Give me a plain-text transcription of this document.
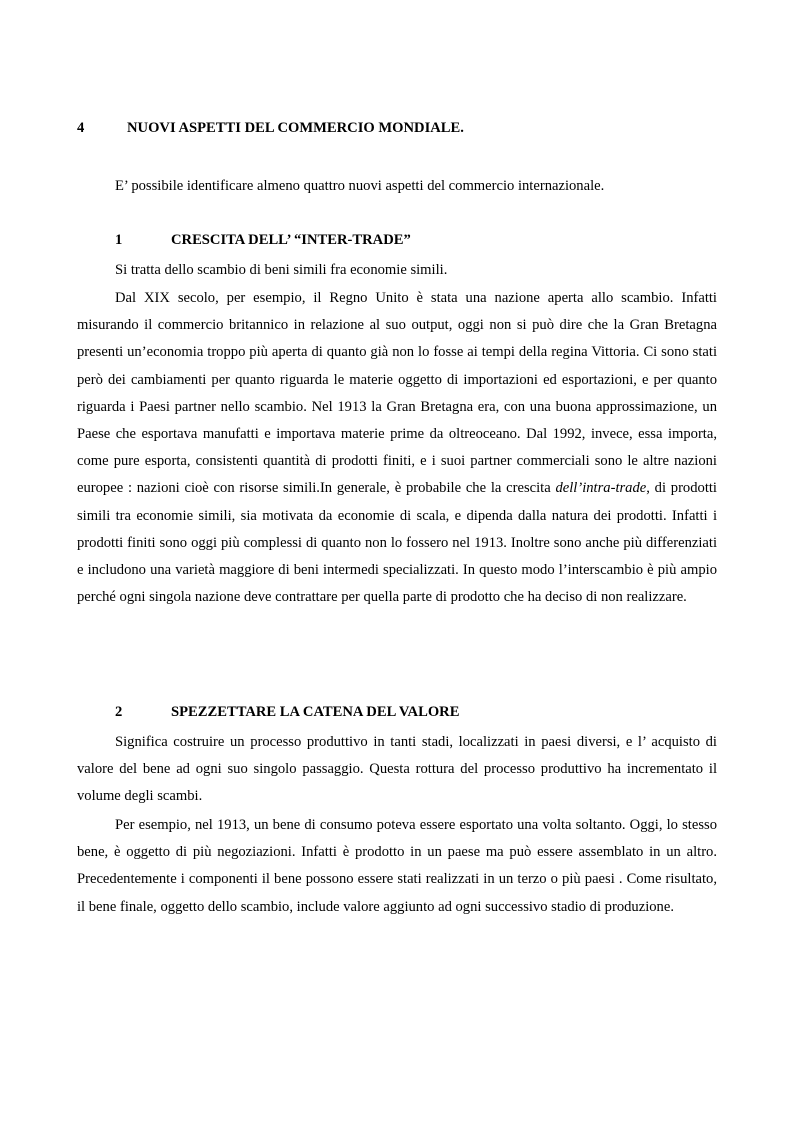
4	NUOVI ASPETTI DEL COMMERCIO MONDIALE.

E’ possibile identificare almeno quattro nuovi aspetti del commercio internazionale.

1	CRESCITA DELL’ “INTER-TRADE”

Si tratta dello scambio di beni simili fra economie simili.

Dal XIX secolo, per esempio, il Regno Unito è stata una nazione aperta allo scambio. Infatti misurando il commercio britannico in relazione al suo output, oggi non si può dire che la Gran Bretagna presenti un’economia troppo più aperta di quanto già non lo fosse ai tempi della regina Vittoria. Ci sono stati però dei cambiamenti per quanto riguarda le materie oggetto di importazioni ed esportazioni, e per quanto riguarda i Paesi partner nello scambio. Nel 1913 la Gran Bretagna era, con una buona approssimazione, un Paese che esportava manufatti e importava materie prime da oltreoceano. Dal 1992, invece, essa importa, come pure esporta, consistenti quantità di prodotti finiti, e i suoi partner commerciali sono le altre nazioni europee : nazioni cioè con risorse simili.In generale, è probabile che la crescita dell’intra-trade, di prodotti simili tra economie simili, sia motivata da economie di scala, e dipenda dalla natura dei prodotti. Infatti i prodotti finiti sono oggi più complessi di quanto non lo fossero nel 1913. Inoltre sono anche più differenziati e includono una varietà maggiore di beni intermedi specializzati. In questo modo l’interscambio è più ampio perché ogni singola nazione deve contrattare per quella parte di prodotto che ha deciso di non realizzare.

2	SPEZZETTARE LA CATENA DEL VALORE

Significa costruire un processo produttivo in tanti stadi, localizzati in paesi diversi, e l’ acquisto di valore del bene ad ogni suo singolo passaggio. Questa rottura del processo produttivo ha incrementato il volume degli scambi.

Per esempio, nel 1913, un bene di consumo poteva essere esportato una volta soltanto. Oggi, lo stesso bene, è oggetto di più negoziazioni. Infatti è prodotto in un paese ma può essere assemblato in un altro. Precedentemente i componenti il bene possono essere stati realizzati in un terzo o più paesi . Come risultato, il bene finale, oggetto dello scambio, include valore aggiunto ad ogni successivo stadio di produzione.
